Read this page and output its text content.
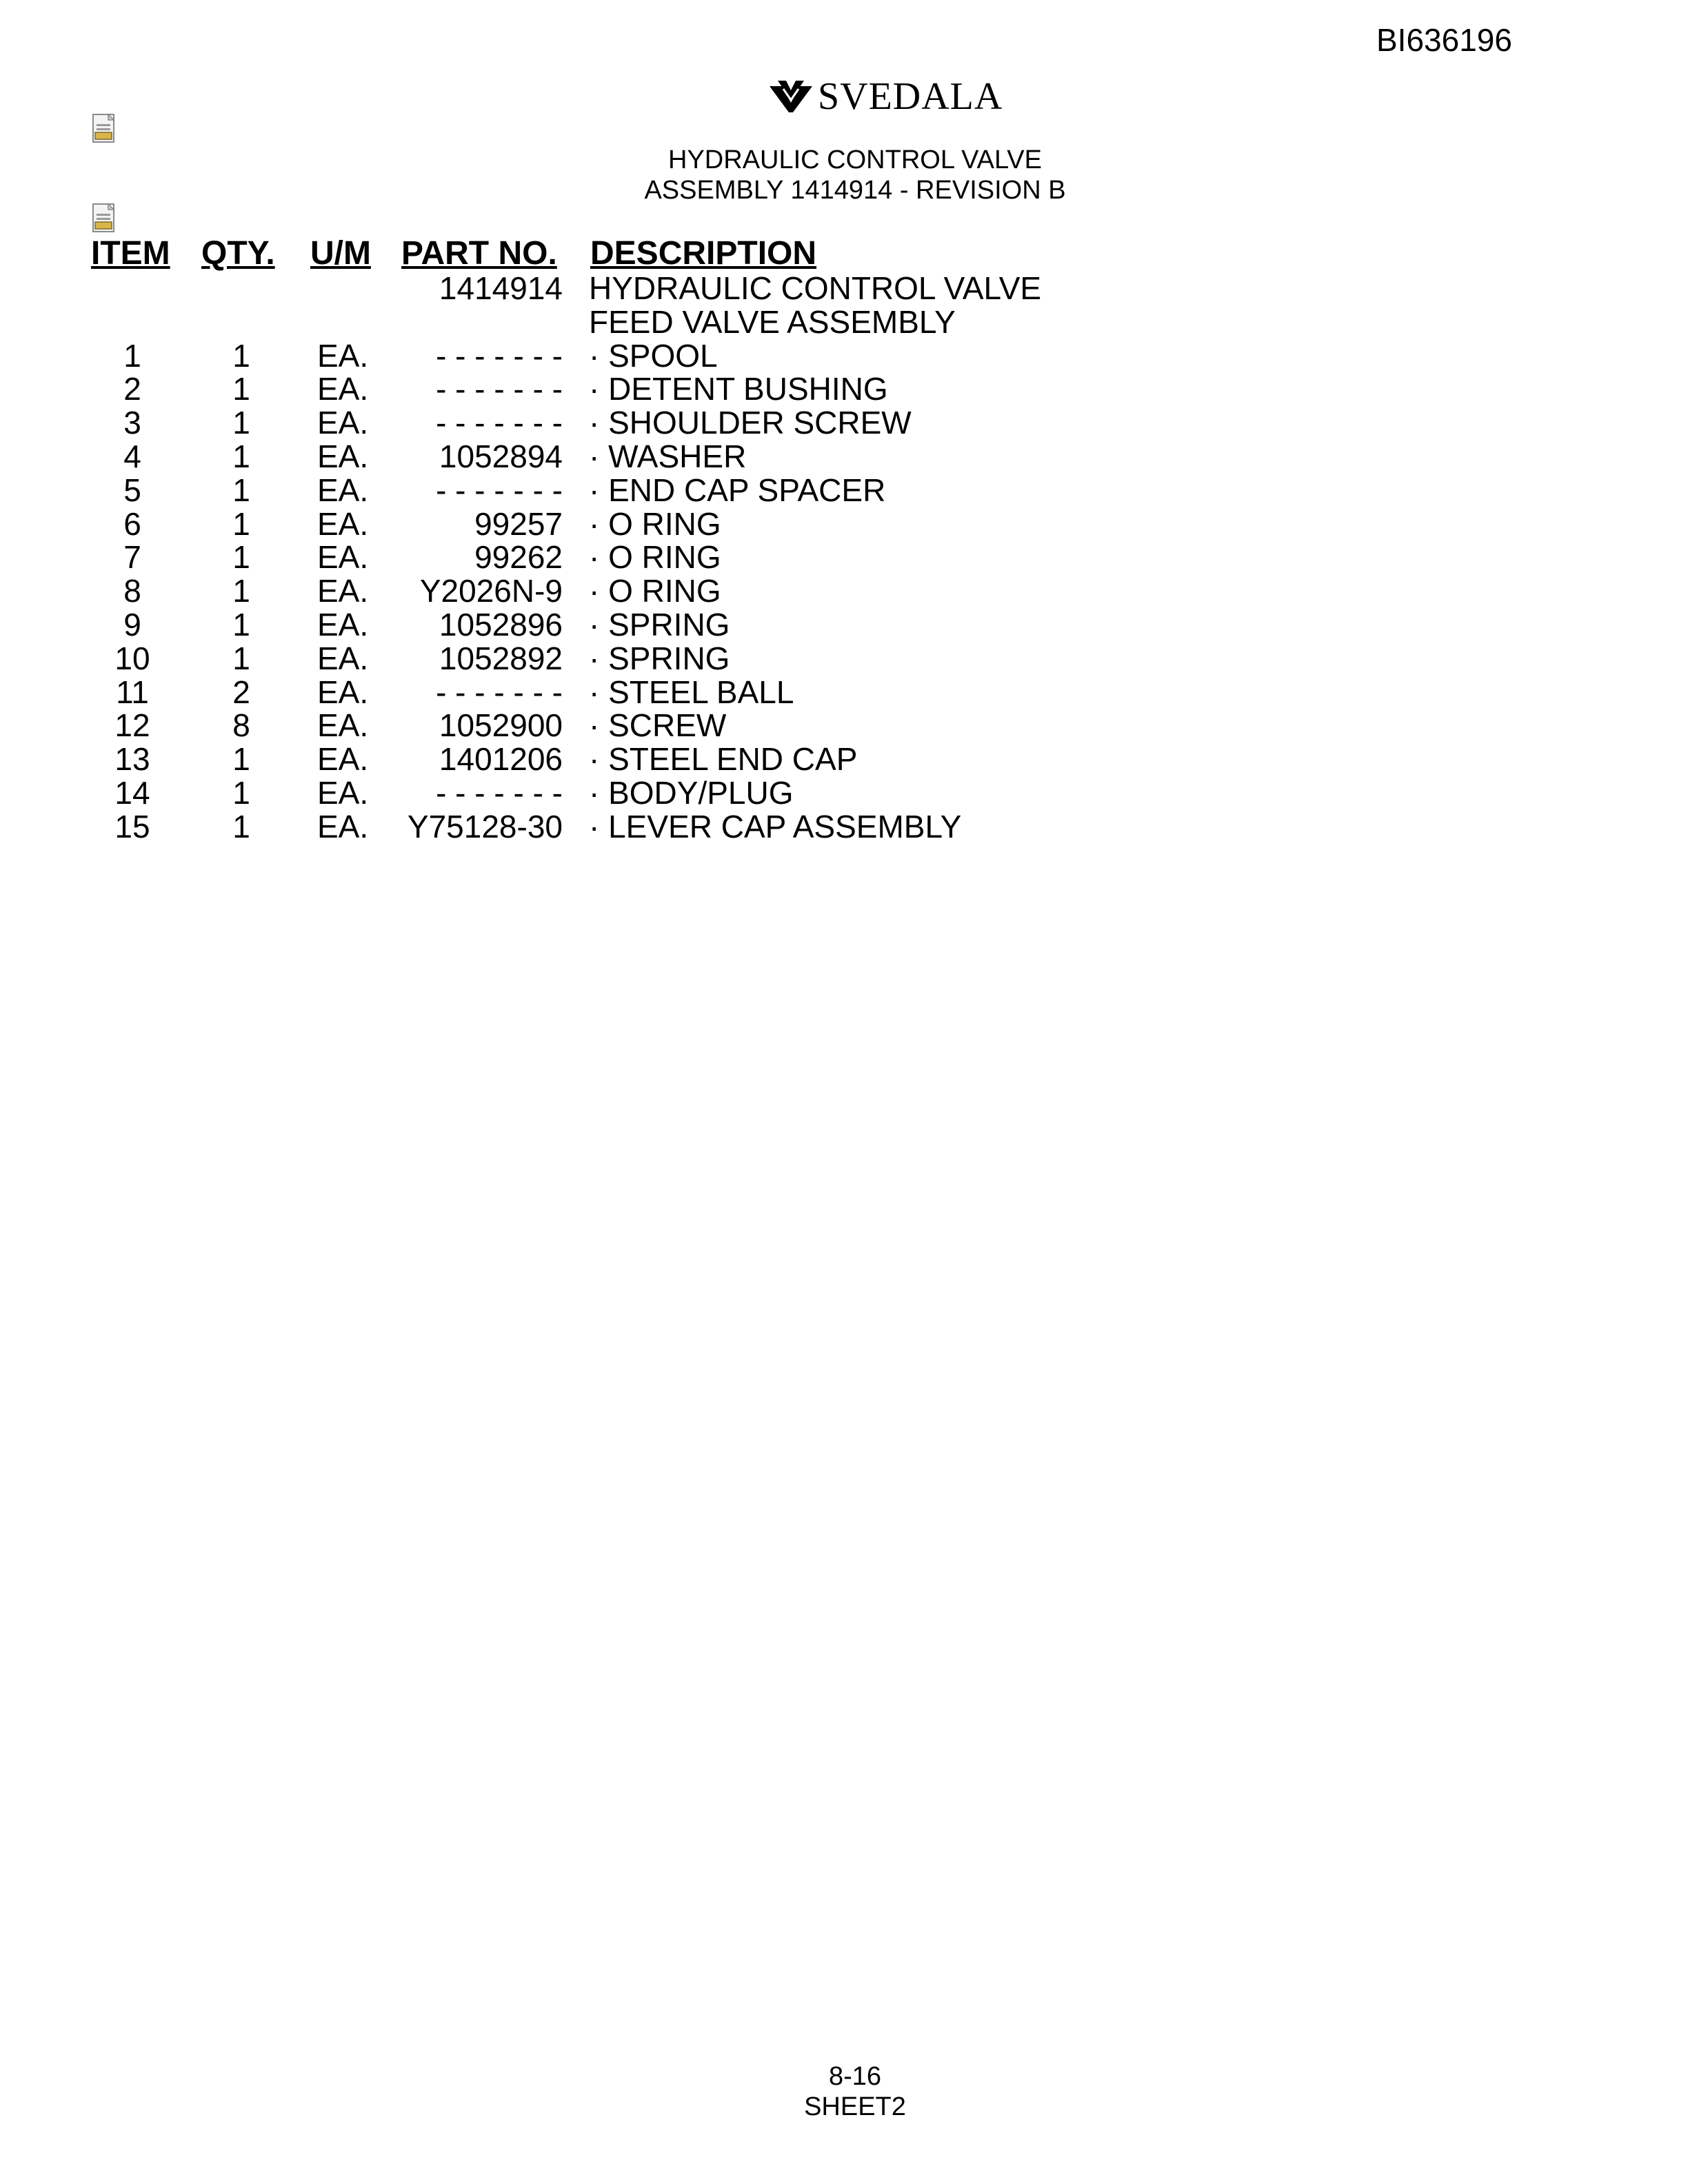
BI636196
SVEDALA
HYDRAULIC CONTROL VALVE
ASSEMBLY 1414914 - REVISION B
ITEM QTY. U/M PART NO. DESCRIPTION
1414914 HYDRAULIC CONTROL VALVE
FEED VALVE ASSEMBLY
1	1	EA. - - - - - - - · SPOOL
2	1	EA. - - - - - - - · DETENT BUSHING
3	1	EA. - - - - - - - · SHOULDER SCREW
4	1	EA. 1052894 · WASHER
5	1	EA. - - - - - - - · END CAP SPACER
6	1	EA.	99257 · O RING
7	1	EA.	99262 · O RING
8	1	EA. Y2026N-9 · O RING
9	1	EA. 1052896 · SPRING
10	1	EA. 1052892 · SPRING
11	2	EA. - - - - - - - · STEEL BALL
12	8	EA. 1052900 · SCREW
13	1	EA. 1401206 · STEEL END CAP
14	1	EA. - - - - - - - · BODY/PLUG
15	1	EA. Y75128-30 · LEVER CAP ASSEMBLY
8-16
SHEET2
